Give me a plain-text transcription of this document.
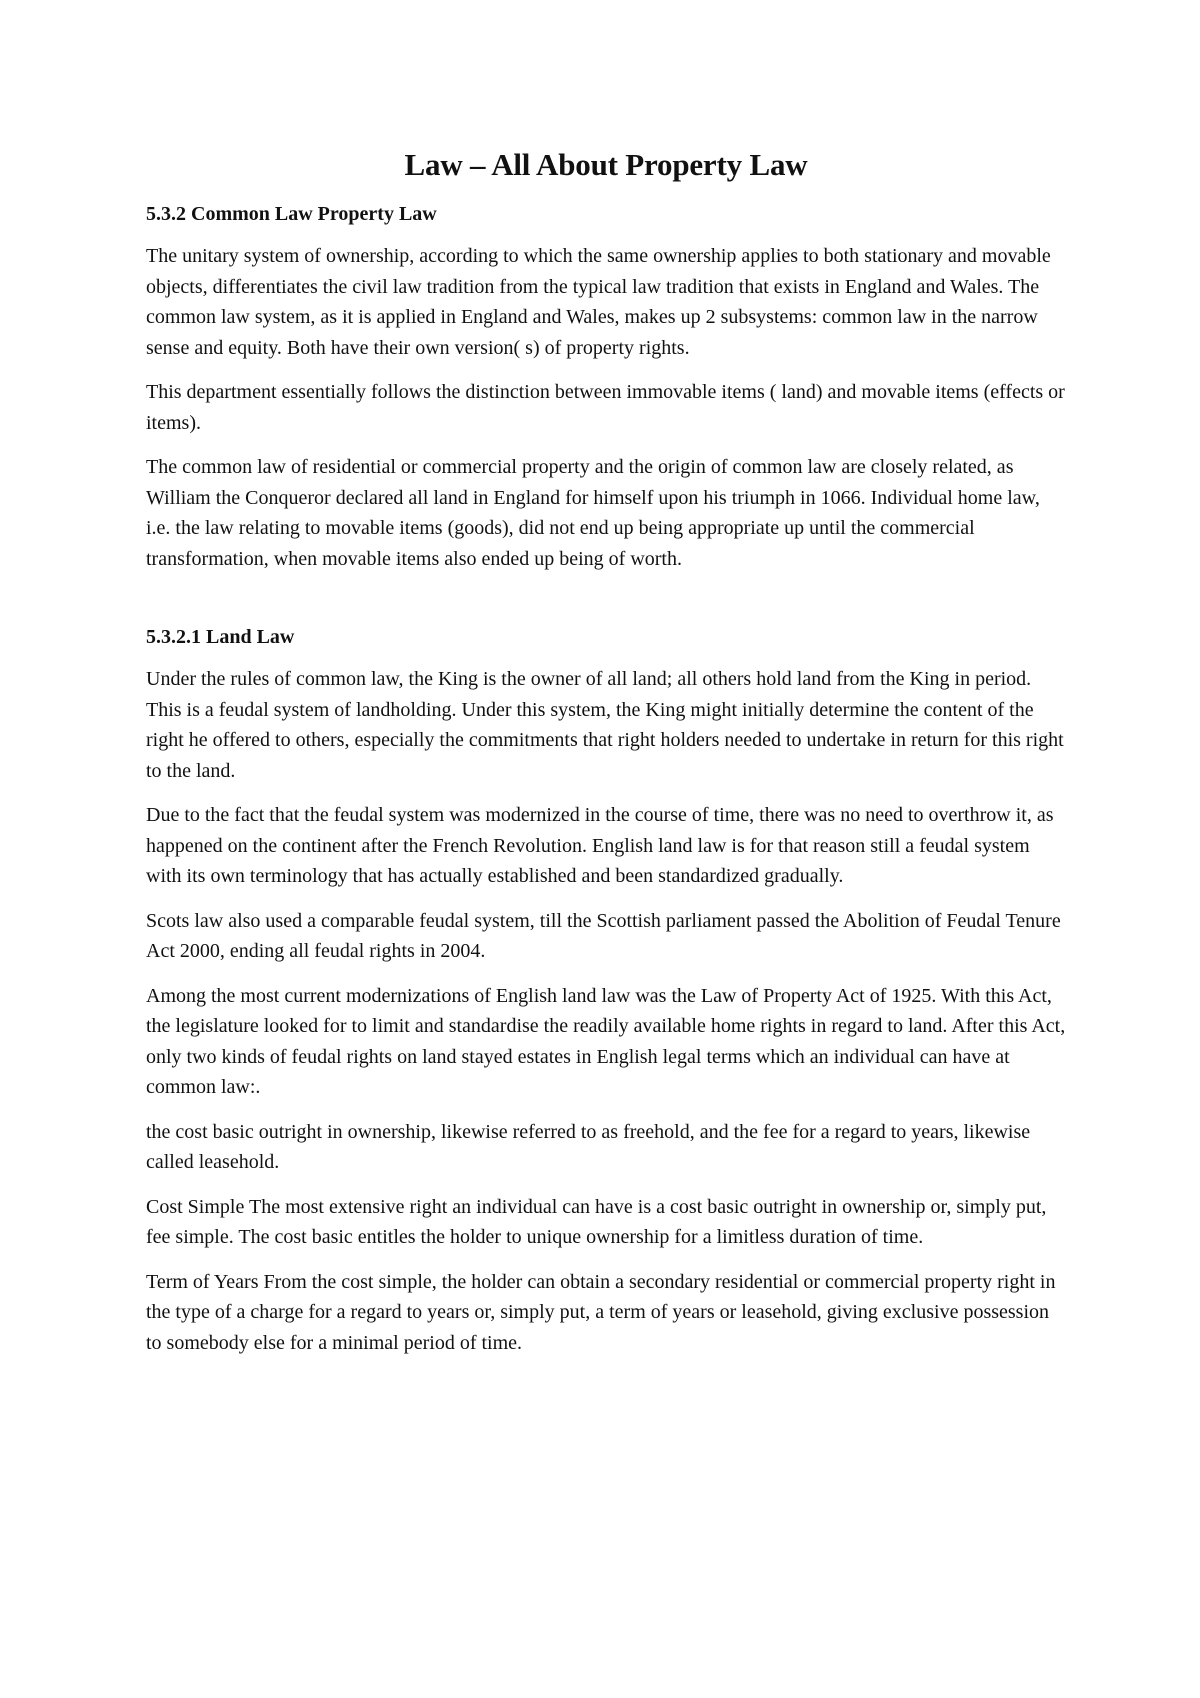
Law – All About Property Law
5.3.2 Common Law Property Law

The unitary system of ownership, according to which the same ownership applies to both stationary and movable objects, differentiates the civil law tradition from the typical law tradition that exists in England and Wales. The common law system, as it is applied in England and Wales, makes up 2 subsystems: common law in the narrow sense and equity. Both have their own version( s) of property rights.

This department essentially follows the distinction between immovable items ( land) and movable items (effects or items).

The common law of residential or commercial property and the origin of common law are closely related, as William the Conqueror declared all land in England for himself upon his triumph in 1066. Individual home law, i.e. the law relating to movable items (goods), did not end up being appropriate up until the commercial transformation, when movable items also ended up being of worth.

5.3.2.1 Land Law

Under the rules of common law, the King is the owner of all land; all others hold land from the King in period. This is a feudal system of landholding. Under this system, the King might initially determine the content of the right he offered to others, especially the commitments that right holders needed to undertake in return for this right to the land.

Due to the fact that the feudal system was modernized in the course of time, there was no need to overthrow it, as happened on the continent after the French Revolution. English land law is for that reason still a feudal system with its own terminology that has actually established and been standardized gradually.

Scots law also used a comparable feudal system, till the Scottish parliament passed the Abolition of Feudal Tenure Act 2000, ending all feudal rights in 2004.

Among the most current modernizations of English land law was the Law of Property Act of 1925. With this Act, the legislature looked for to limit and standardise the readily available home rights in regard to land. After this Act, only two kinds of feudal rights on land stayed estates in English legal terms which an individual can have at common law:.

the cost basic outright in ownership, likewise referred to as freehold, and the fee for a regard to years, likewise called leasehold.

Cost Simple The most extensive right an individual can have is a cost basic outright in ownership or, simply put, fee simple. The cost basic entitles the holder to unique ownership for a limitless duration of time.

Term of Years From the cost simple, the holder can obtain a secondary residential or commercial property right in the type of a charge for a regard to years or, simply put, a term of years or leasehold, giving exclusive possession to somebody else for a minimal period of time.
